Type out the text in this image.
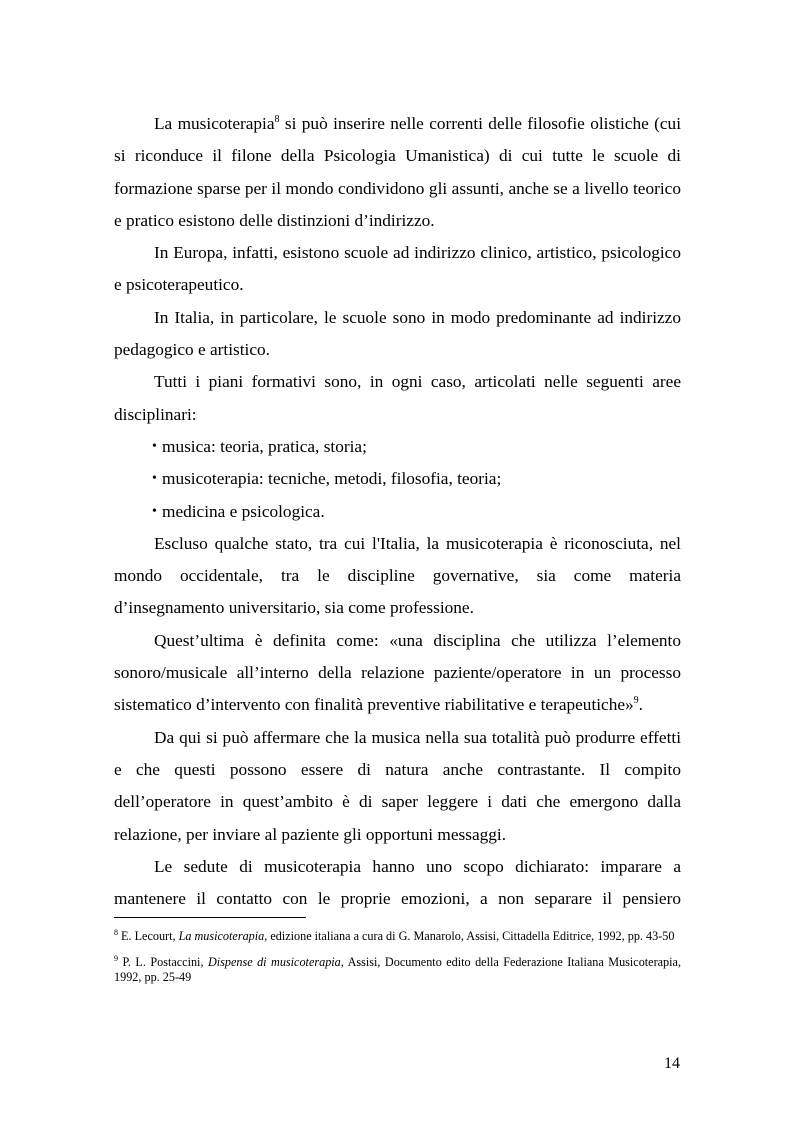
La musicoterapia$^8$ si può inserire nelle correnti delle filosofie olistiche (cui si riconduce il filone della Psicologia Umanistica) di cui tutte le scuole di formazione sparse per il mondo condividono gli assunti, anche se a livello teorico e pratico esistono delle distinzioni d’indirizzo.

In Europa, infatti, esistono scuole ad indirizzo clinico, artistico, psicologico e psicoterapeutico.

In Italia, in particolare, le scuole sono in modo predominante ad indirizzo pedagogico e artistico.

Tutti i piani formativi sono, in ogni caso, articolati nelle seguenti aree disciplinari:

• musica: teoria, pratica, storia;
• musicoterapia: tecniche, metodi, filosofia, teoria;
• medicina e psicologica.

Escluso qualche stato, tra cui l'Italia, la musicoterapia è riconosciuta, nel mondo occidentale, tra le discipline governative, sia come materia d’insegnamento universitario, sia come professione.

Quest’ultima è definita come: «una disciplina che utilizza l’elemento sonoro/musicale all’interno della relazione paziente/operatore in un processo sistematico d’intervento con finalità preventive riabilitative e terapeutiche»$^9$.

Da qui si può affermare che la musica nella sua totalità può produrre effetti e che questi possono essere di natura anche contrastante. Il compito dell’operatore in quest’ambito è di saper leggere i dati che emergono dalla relazione, per inviare al paziente gli opportuni messaggi.

Le sedute di musicoterapia hanno uno scopo dichiarato: imparare a mantenere il contatto con le proprie emozioni, a non separare il pensiero

$^8$ E. Lecourt, La musicoterapia, edizione italiana a cura di G. Manarolo, Assisi, Cittadella Editrice, 1992, pp. 43-50

$^9$ P. L. Postaccini, Dispense di musicoterapia, Assisi, Documento edito della Federazione Italiana Musicoterapia, 1992, pp. 25-49

14
